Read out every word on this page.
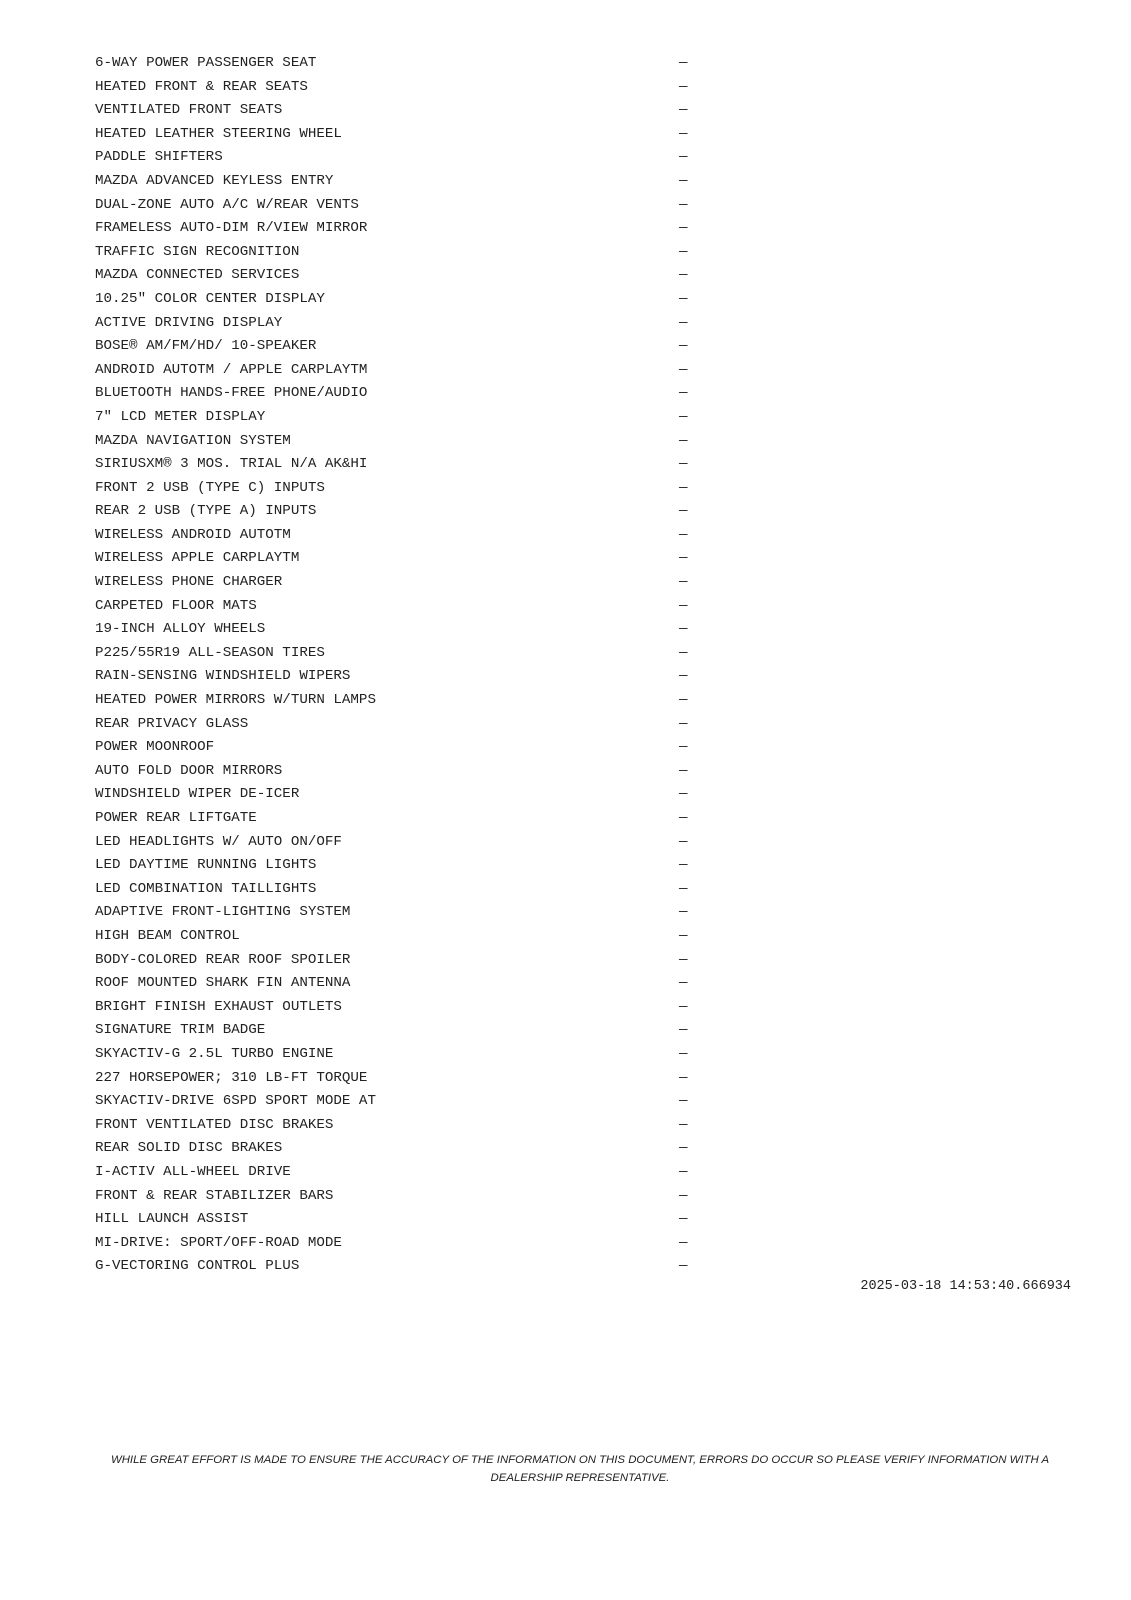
6-WAY POWER PASSENGER SEAT	—
HEATED FRONT & REAR SEATS	—
VENTILATED FRONT SEATS	—
HEATED LEATHER STEERING WHEEL	—
PADDLE SHIFTERS	—
MAZDA ADVANCED KEYLESS ENTRY	—
DUAL-ZONE AUTO A/C W/REAR VENTS	—
FRAMELESS AUTO-DIM R/VIEW MIRROR	—
TRAFFIC SIGN RECOGNITION	—
MAZDA CONNECTED SERVICES	—
10.25" COLOR CENTER DISPLAY	—
ACTIVE DRIVING DISPLAY	—
BOSE® AM/FM/HD/ 10-SPEAKER	—
ANDROID AUTOTM / APPLE CARPLAYTM	—
BLUETOOTH HANDS-FREE PHONE/AUDIO	—
7" LCD METER DISPLAY	—
MAZDA NAVIGATION SYSTEM	—
SIRIUSXM® 3 MOS. TRIAL N/A AK&HI	—
FRONT 2 USB (TYPE C) INPUTS	—
REAR 2 USB (TYPE A) INPUTS	—
WIRELESS ANDROID AUTOTM	—
WIRELESS APPLE CARPLAYTM	—
WIRELESS PHONE CHARGER	—
CARPETED FLOOR MATS	—
19-INCH ALLOY WHEELS	—
P225/55R19 ALL-SEASON TIRES	—
RAIN-SENSING WINDSHIELD WIPERS	—
HEATED POWER MIRRORS W/TURN LAMPS	—
REAR PRIVACY GLASS	—
POWER MOONROOF	—
AUTO FOLD DOOR MIRRORS	—
WINDSHIELD WIPER DE-ICER	—
POWER REAR LIFTGATE	—
LED HEADLIGHTS W/ AUTO ON/OFF	—
LED DAYTIME RUNNING LIGHTS	—
LED COMBINATION TAILLIGHTS	—
ADAPTIVE FRONT-LIGHTING SYSTEM	—
HIGH BEAM CONTROL	—
BODY-COLORED REAR ROOF SPOILER	—
ROOF MOUNTED SHARK FIN ANTENNA	—
BRIGHT FINISH EXHAUST OUTLETS	—
SIGNATURE TRIM BADGE	—
SKYACTIV-G 2.5L TURBO ENGINE	—
227 HORSEPOWER; 310 LB-FT TORQUE	—
SKYACTIV-DRIVE 6SPD SPORT MODE AT	—
FRONT VENTILATED DISC BRAKES	—
REAR SOLID DISC BRAKES	—
I-ACTIV ALL-WHEEL DRIVE	—
FRONT & REAR STABILIZER BARS	—
HILL LAUNCH ASSIST	—
MI-DRIVE: SPORT/OFF-ROAD MODE	—
G-VECTORING CONTROL PLUS	—
2025-03-18 14:53:40.666934

WHILE GREAT EFFORT IS MADE TO ENSURE THE ACCURACY OF THE INFORMATION ON THIS DOCUMENT, ERRORS DO OCCUR SO PLEASE VERIFY INFORMATION WITH A DEALERSHIP REPRESENTATIVE.
